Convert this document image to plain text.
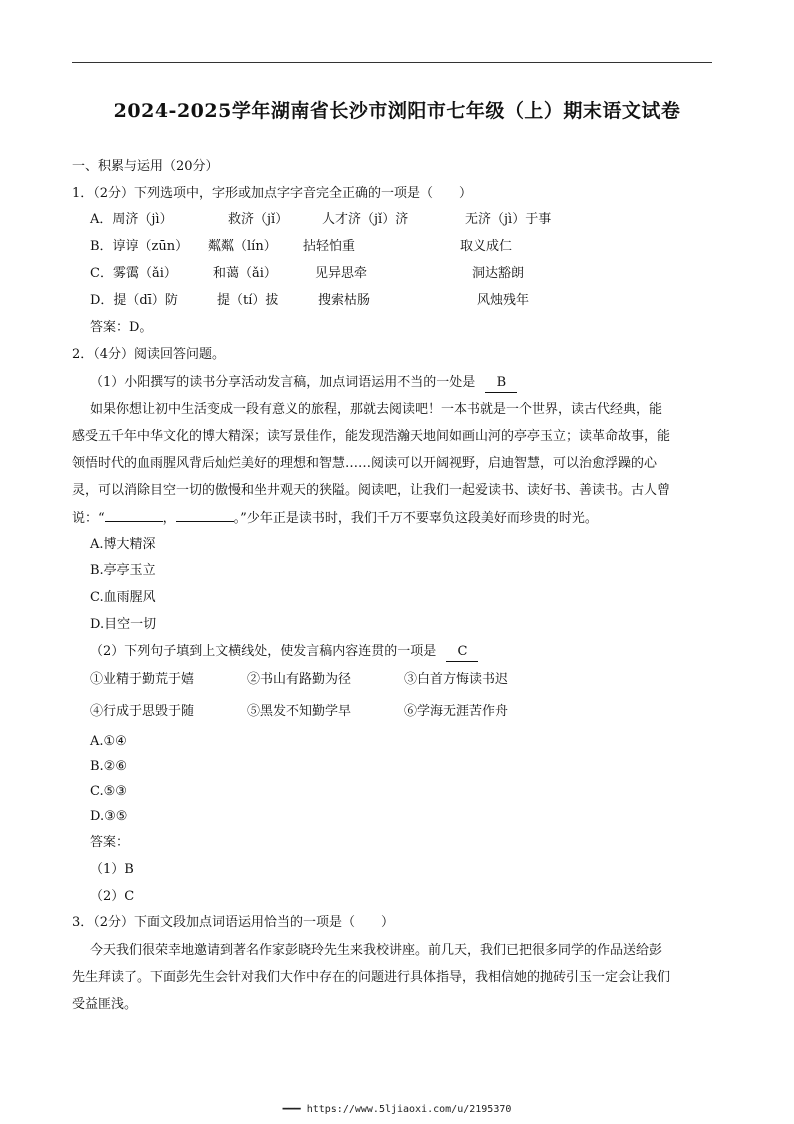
2024-2025学年湖南省长沙市浏阳市七年级（上）期末语文试卷
一、积累与运用（20分）
1．（2分）下列选项中，字形或加点字字音完全正确的一项是（　　）
A．周济（jì）	救济（jǐ）	人才济（jǐ）济	无济（jì）于事
B．谆谆（zūn） 粼粼（lín） 拈轻怕重	取义成仁
C．雾霭（ǎi）	和蔼（ǎi）	见异思牵	洞达豁朗
D．提（dī）防	提（tí）拔	搜索枯肠	风烛残年
答案：D。
2．（4分）阅读回答问题。
（1）小阳撰写的读书分享活动发言稿，加点词语运用不当的一处是 B
如果你想让初中生活变成一段有意义的旅程，那就去阅读吧！一本书就是一个世界，读古代经典，能
感受五千年中华文化的博大精深；读写景佳作，能发现浩瀚天地间如画山河的亭亭玉立；读革命故事，能
领悟时代的血雨腥风背后灿烂美好的理想和智慧……阅读可以开阔视野，启迪智慧，可以治愈浮躁的心
灵，可以消除目空一切的傲慢和坐井观天的狭隘。阅读吧，让我们一起爱读书、读好书、善读书。古人曾
说：“	，	。”少年正是读书时，我们千万不要辜负这段美好而珍贵的时光。
A.博大精深
B.亭亭玉立
C.血雨腥风
D.目空一切
（2）下列句子填到上文横线处，使发言稿内容连贯的一项是 C
①业精于勤荒于嬉	②书山有路勤为径	③白首方悔读书迟
④行成于思毁于随	⑤黑发不知勤学早	⑥学海无涯苦作舟
A.①④
B.②⑥
C.⑤③
D.③⑤
答案：
（1）B
（2）C
3．（2分）下面文段加点词语运用恰当的一项是（　　）
今天我们很荣幸地邀请到著名作家彭晓玲先生来我校讲座。前几天，我们已把很多同学的作品送给彭
先生拜读了。下面彭先生会针对我们大作中存在的问题进行具体指导，我相信她的抛砖引玉一定会让我们
受益匪浅。
━━━ https://www.5ljiaoxi.com/u/2195370
